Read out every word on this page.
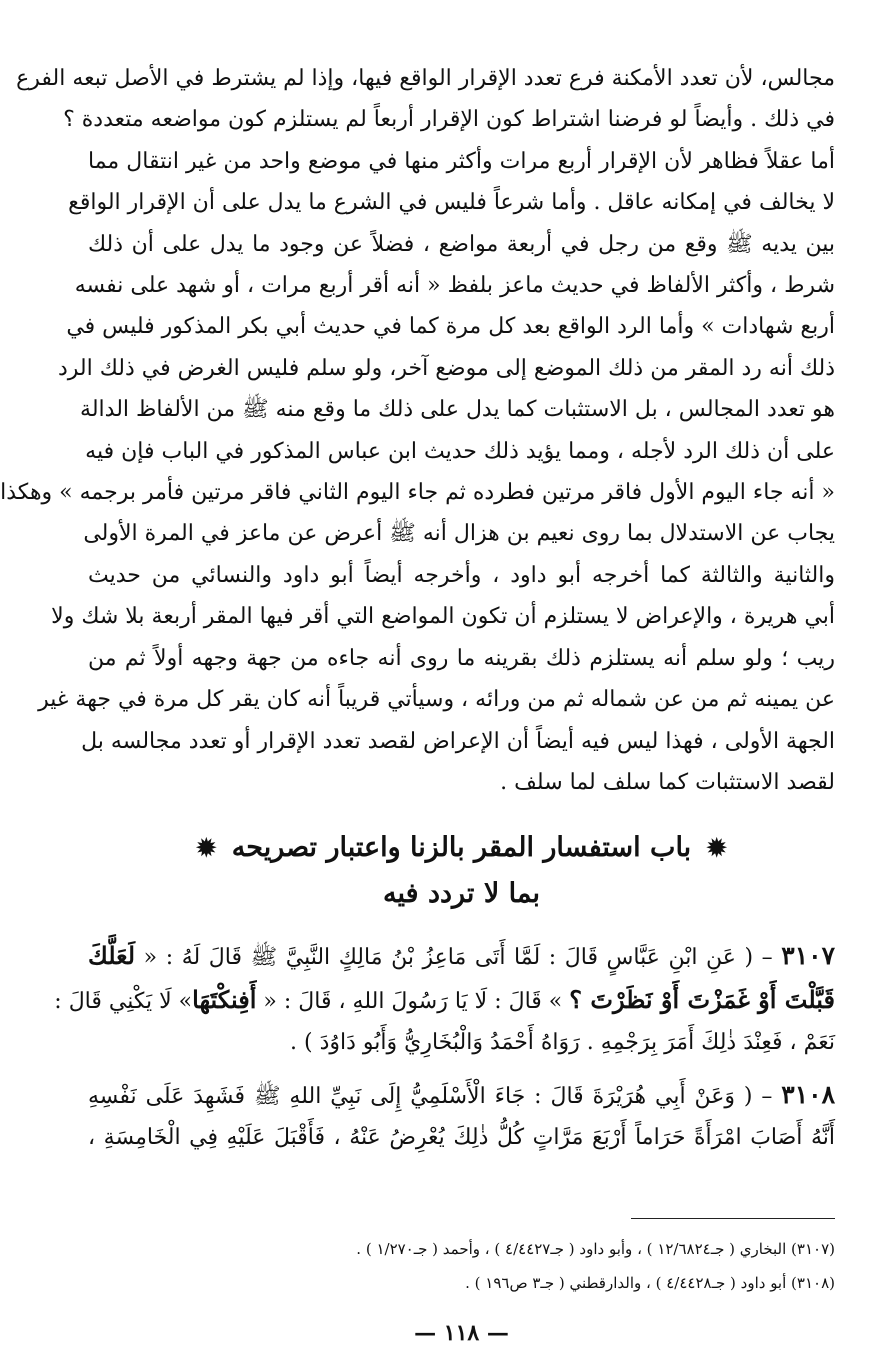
مجالس، لأن تعدد الأمكنة فرع تعدد الإقرار الواقع فيها، وإذا لم يشترط في الأصل تبعه الفرع
في ذلك . وأيضاً لو فرضنا اشتراط كون الإقرار أربعاً لم يستلزم كون مواضعه متعددة ؟
أما عقلاً فظاهر لأن الإقرار أربع مرات وأكثر منها في موضع واحد من غير انتقال مما
لا يخالف في إمكانه عاقل . وأما شرعاً فليس في الشرع ما يدل على أن الإقرار الواقع
بين يديه ﷺ وقع من رجل في أربعة مواضع ، فضلاً عن وجود ما يدل على أن ذلك
شرط ، وأكثر الألفاظ في حديث ماعز بلفظ « أنه أقر أربع مرات ، أو شهد على نفسه
أربع شهادات » وأما الرد الواقع بعد كل مرة كما في حديث أبي بكر المذكور فليس في
ذلك أنه رد المقر من ذلك الموضع إلى موضع آخر، ولو سلم فليس الغرض في ذلك الرد
هو تعدد المجالس ، بل الاستثبات كما يدل على ذلك ما وقع منه ﷺ من الألفاظ الدالة
على أن ذلك الرد لأجله ، ومما يؤيد ذلك حديث ابن عباس المذكور في الباب فإن فيه
« أنه جاء اليوم الأول فاقر مرتين فطرده ثم جاء اليوم الثاني فاقر مرتين فأمر برجمه » وهكذا
يجاب عن الاستدلال بما روى نعيم بن هزال أنه ﷺ أعرض عن ماعز في المرة الأولى
والثانية والثالثة كما أخرجه أبو داود ، وأخرجه أيضاً أبو داود والنسائي من حديث
أبي هريرة ، والإعراض لا يستلزم أن تكون المواضع التي أقر فيها المقر أربعة بلا شك ولا
ريب ؛ ولو سلم أنه يستلزم ذلك بقرينه ما روى أنه جاءه من جهة وجهه أولاً ثم من
عن يمينه ثم من عن شماله ثم من ورائه ، وسيأتي قريباً أنه كان يقر كل مرة في جهة غير
الجهة الأولى ، فهذا ليس فيه أيضاً أن الإعراض لقصد تعدد الإقرار أو تعدد مجالسه بل
لقصد الاستثبات كما سلف لما سلف .
✹ باب استفسار المقر بالزنا واعتبار تصريحه ✹
بما لا تردد فيه
٣١٠٧ – ( عَنِ ابْنِ عَبَّاسٍ قَالَ : لَمَّا أَتَى مَاعِزُ بْنُ مَالِكٍ النَّبِيَّ ﷺ قَالَ لَهُ : « لَعَلَّكَ
قَبَّلْتَ أَوْ غَمَزْتَ أَوْ نَظَرْتَ ؟ » قَالَ : لَا يَا رَسُولَ اللهِ ، قَالَ : « أَفِنكْتَهَا» لَا يَكْنِي قَالَ :
نَعَمْ ، فَعِنْدَ ذٰلِكَ أَمَرَ بِرَجْمِهِ . رَوَاهُ أَحْمَدُ وَالْبُخَارِيُّ وَأَبُو دَاوُدَ ) .
٣١٠٨ – ( وَعَنْ أَبِي هُرَيْرَةَ قَالَ : جَاءَ الْأَسْلَمِيُّ إِلَى نَبِيِّ اللهِ ﷺ فَشَهِدَ عَلَى نَفْسِهِ
أَنَّهُ أَصَابَ امْرَأَةً حَرَاماً أَرْبَعَ مَرَّاتٍ كُلُّ ذٰلِكَ يُعْرِضُ عَنْهُ ، فَأَقْبَلَ عَلَيْهِ فِي الْخَامِسَةِ ،
(٣١٠٧) البخاري ( جـ١٢/٦٨٢٤ ) ، وأبو داود ( جـ٤/٤٤٢٧ ) ، وأحمد ( جـ١/٢٧٠ ) .
(٣١٠٨) أبو داود ( جـ٤/٤٤٢٨ ) ، والدارقطني ( جـ٣ ص١٩٦ ) .
— ١١٨ —
